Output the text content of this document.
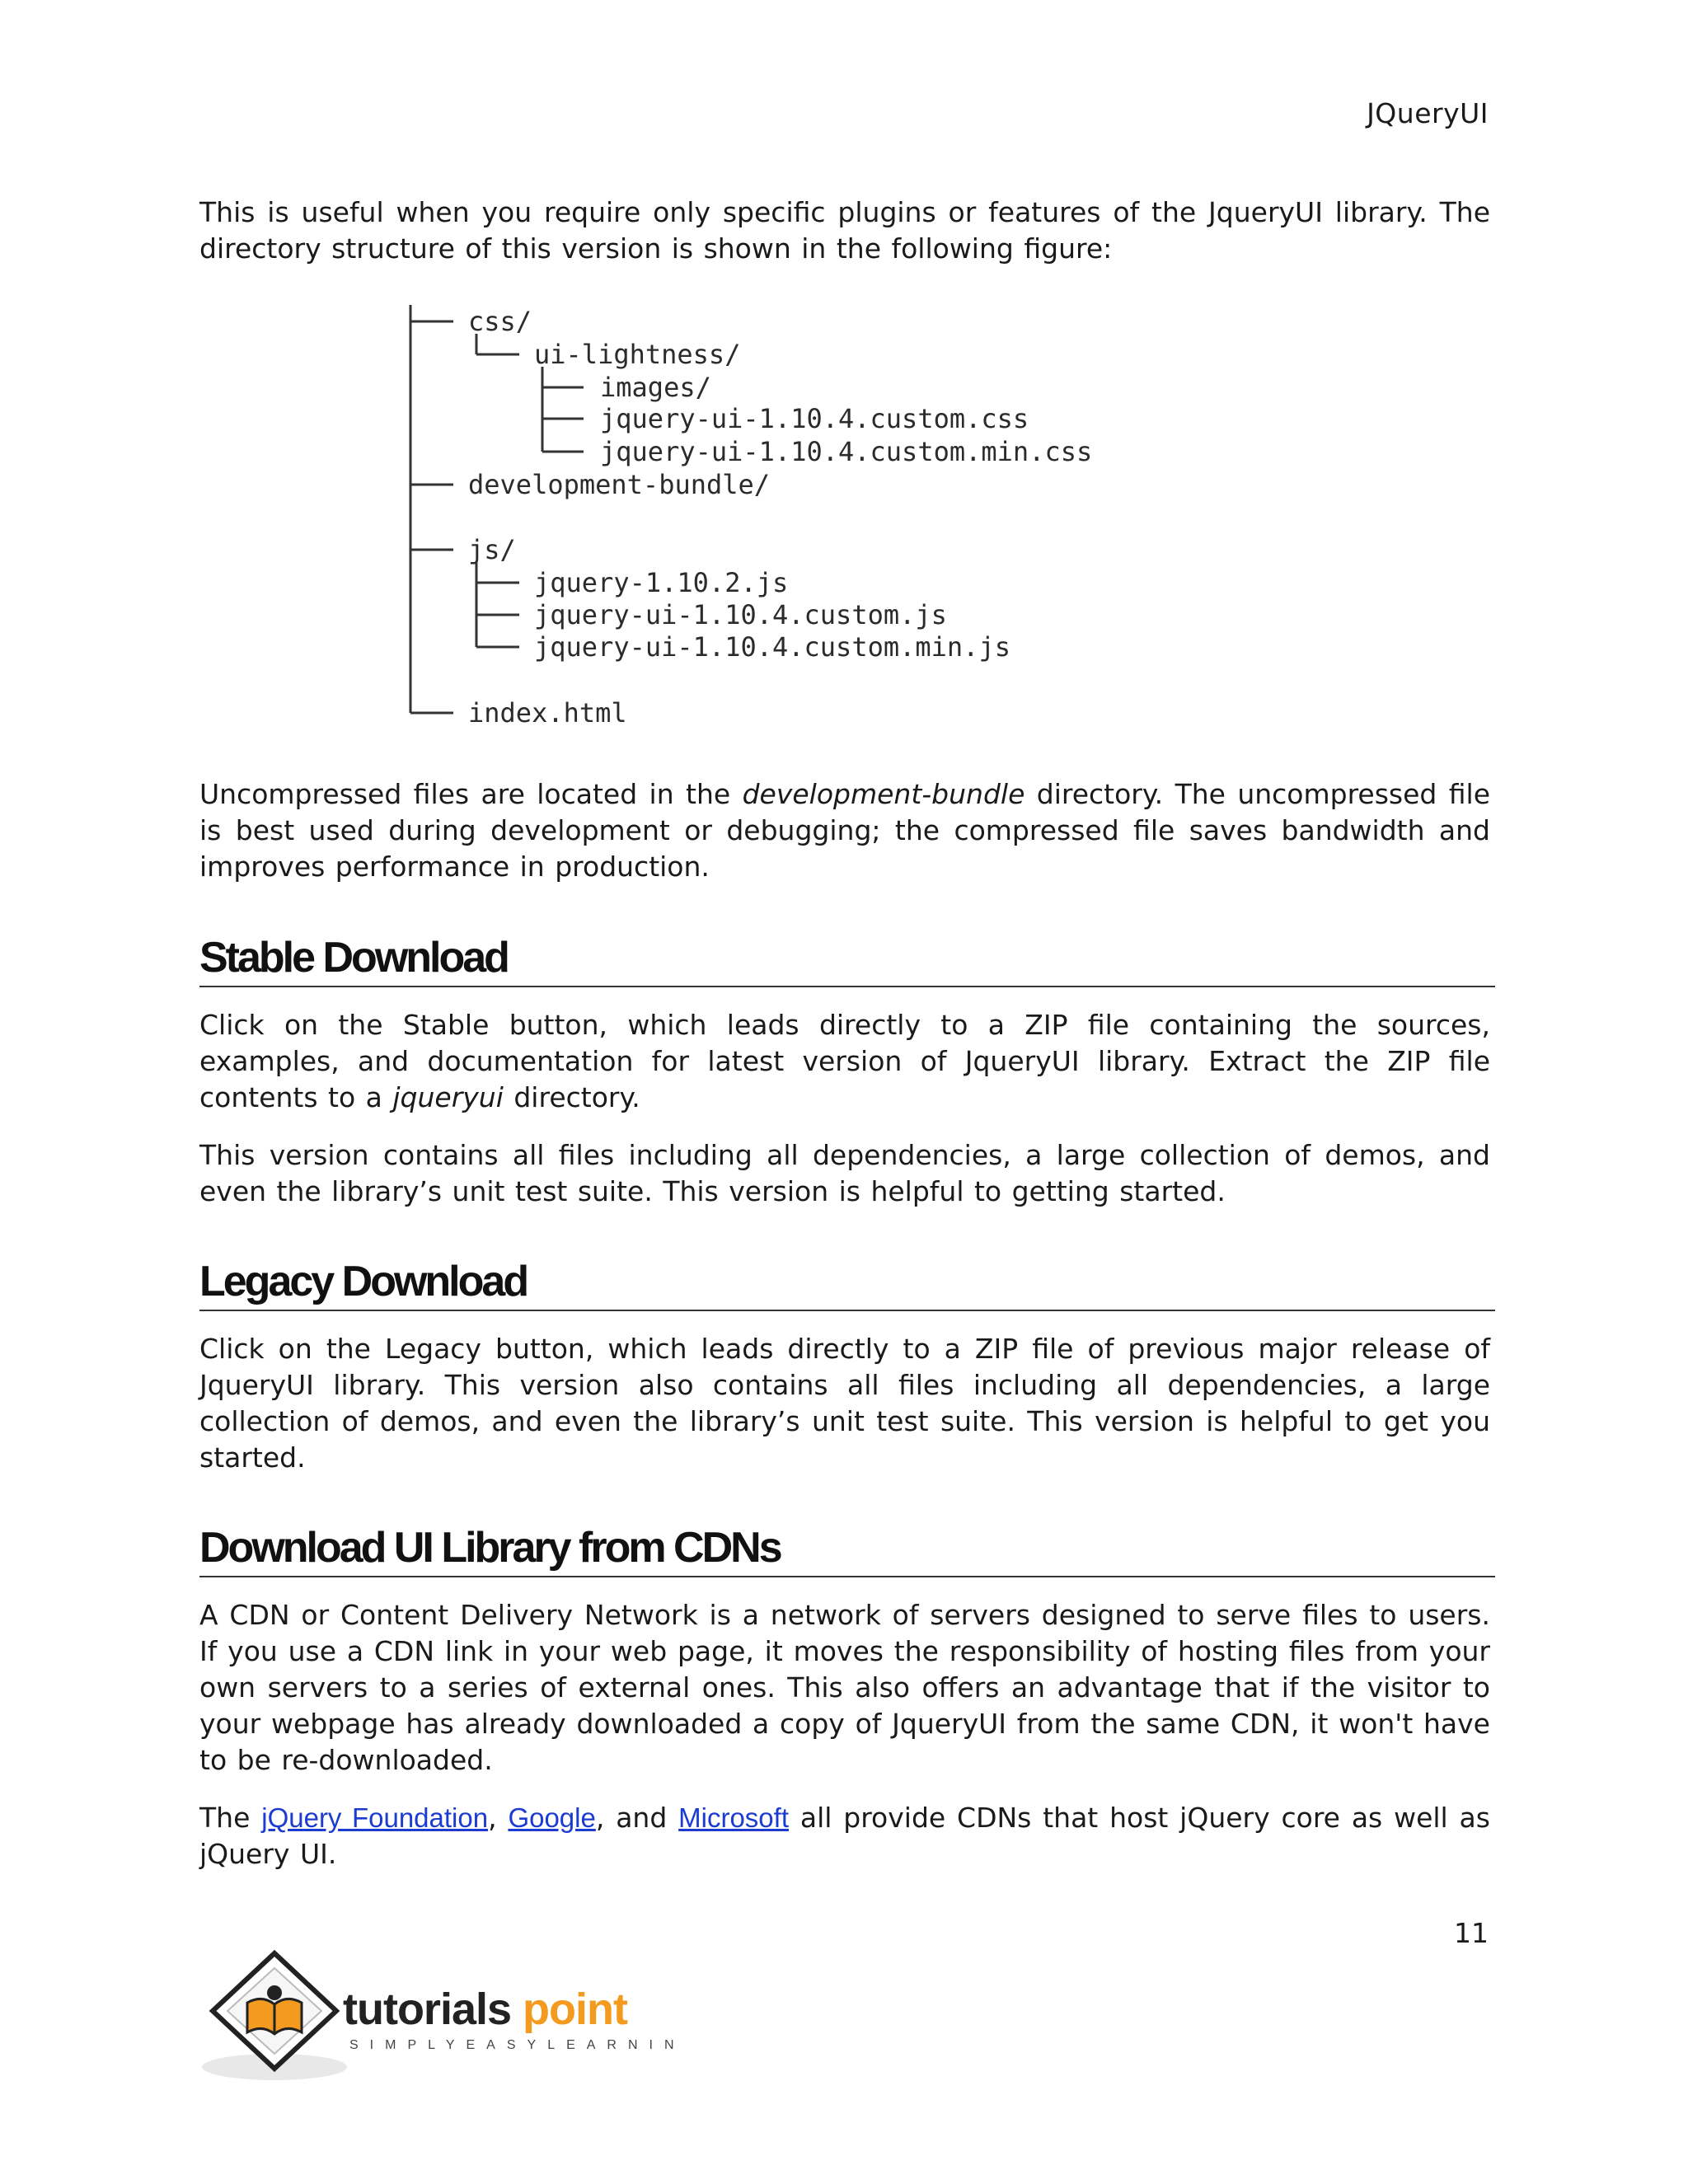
JQueryUI

This is useful when you require only specific plugins or features of the JqueryUI library. The directory structure of this version is shown in the following figure:

css/
ui-lightness/
images/
jquery-ui-1.10.4.custom.css
jquery-ui-1.10.4.custom.min.css
development-bundle/
js/
jquery-1.10.2.js
jquery-ui-1.10.4.custom.js
jquery-ui-1.10.4.custom.min.js
index.html

Uncompressed files are located in the development-bundle directory. The uncompressed file is best used during development or debugging; the compressed file saves bandwidth and improves performance in production.

Stable Download

Click on the Stable button, which leads directly to a ZIP file containing the sources, examples, and documentation for latest version of JqueryUI library. Extract the ZIP file contents to a jqueryui directory.

This version contains all files including all dependencies, a large collection of demos, and even the library’s unit test suite. This version is helpful to getting started.

Legacy Download

Click on the Legacy button, which leads directly to a ZIP file of previous major release of JqueryUI library. This version also contains all files including all dependencies, a large collection of demos, and even the library’s unit test suite. This version is helpful to get you started.

Download UI Library from CDNs

A CDN or Content Delivery Network is a network of servers designed to serve files to users. If you use a CDN link in your web page, it moves the responsibility of hosting files from your own servers to a series of external ones. This also offers an advantage that if the visitor to your webpage has already downloaded a copy of JqueryUI from the same CDN, it won't have to be re-downloaded.

The jQuery Foundation, Google, and Microsoft all provide CDNs that host jQuery core as well as jQuery UI.

11
tutorials point
SIMPLYEASYLEARNING
